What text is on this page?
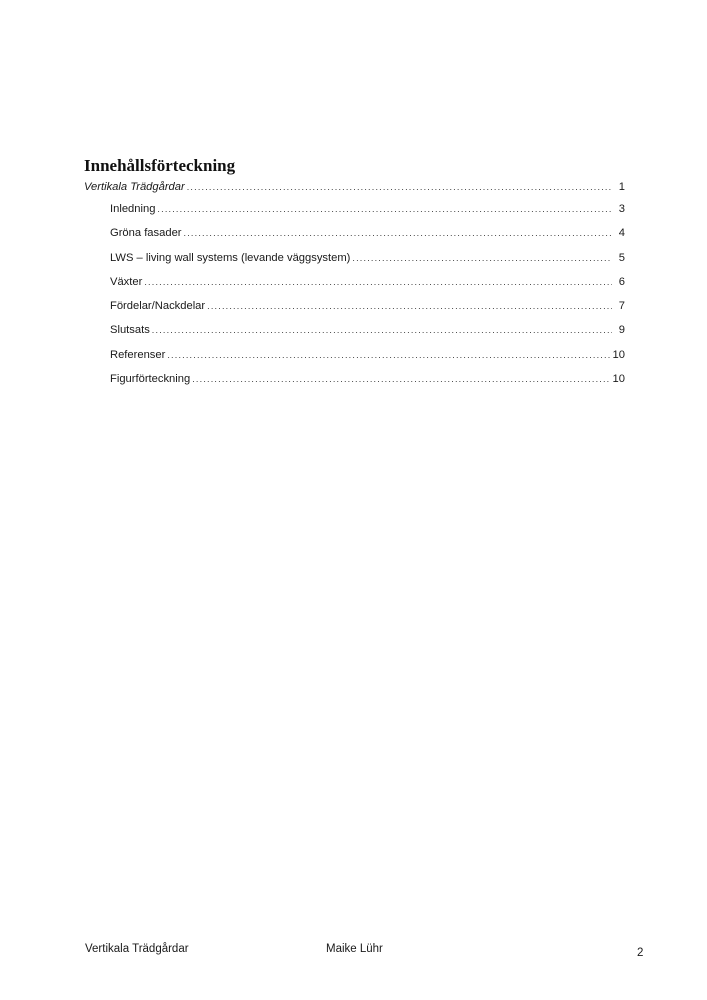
Innehållsförteckning
Vertikala Trädgårdar .....	1
Inledning .....	3
Gröna fasader .....	4
LWS – living wall systems (levande väggsystem) .....	5
Växter .....	6
Fördelar/Nackdelar .....	7
Slutsats .....	9
Referenser .....	10
Figurförteckning .....	10
Vertikala Trädgårdar	Maike Lühr	2
